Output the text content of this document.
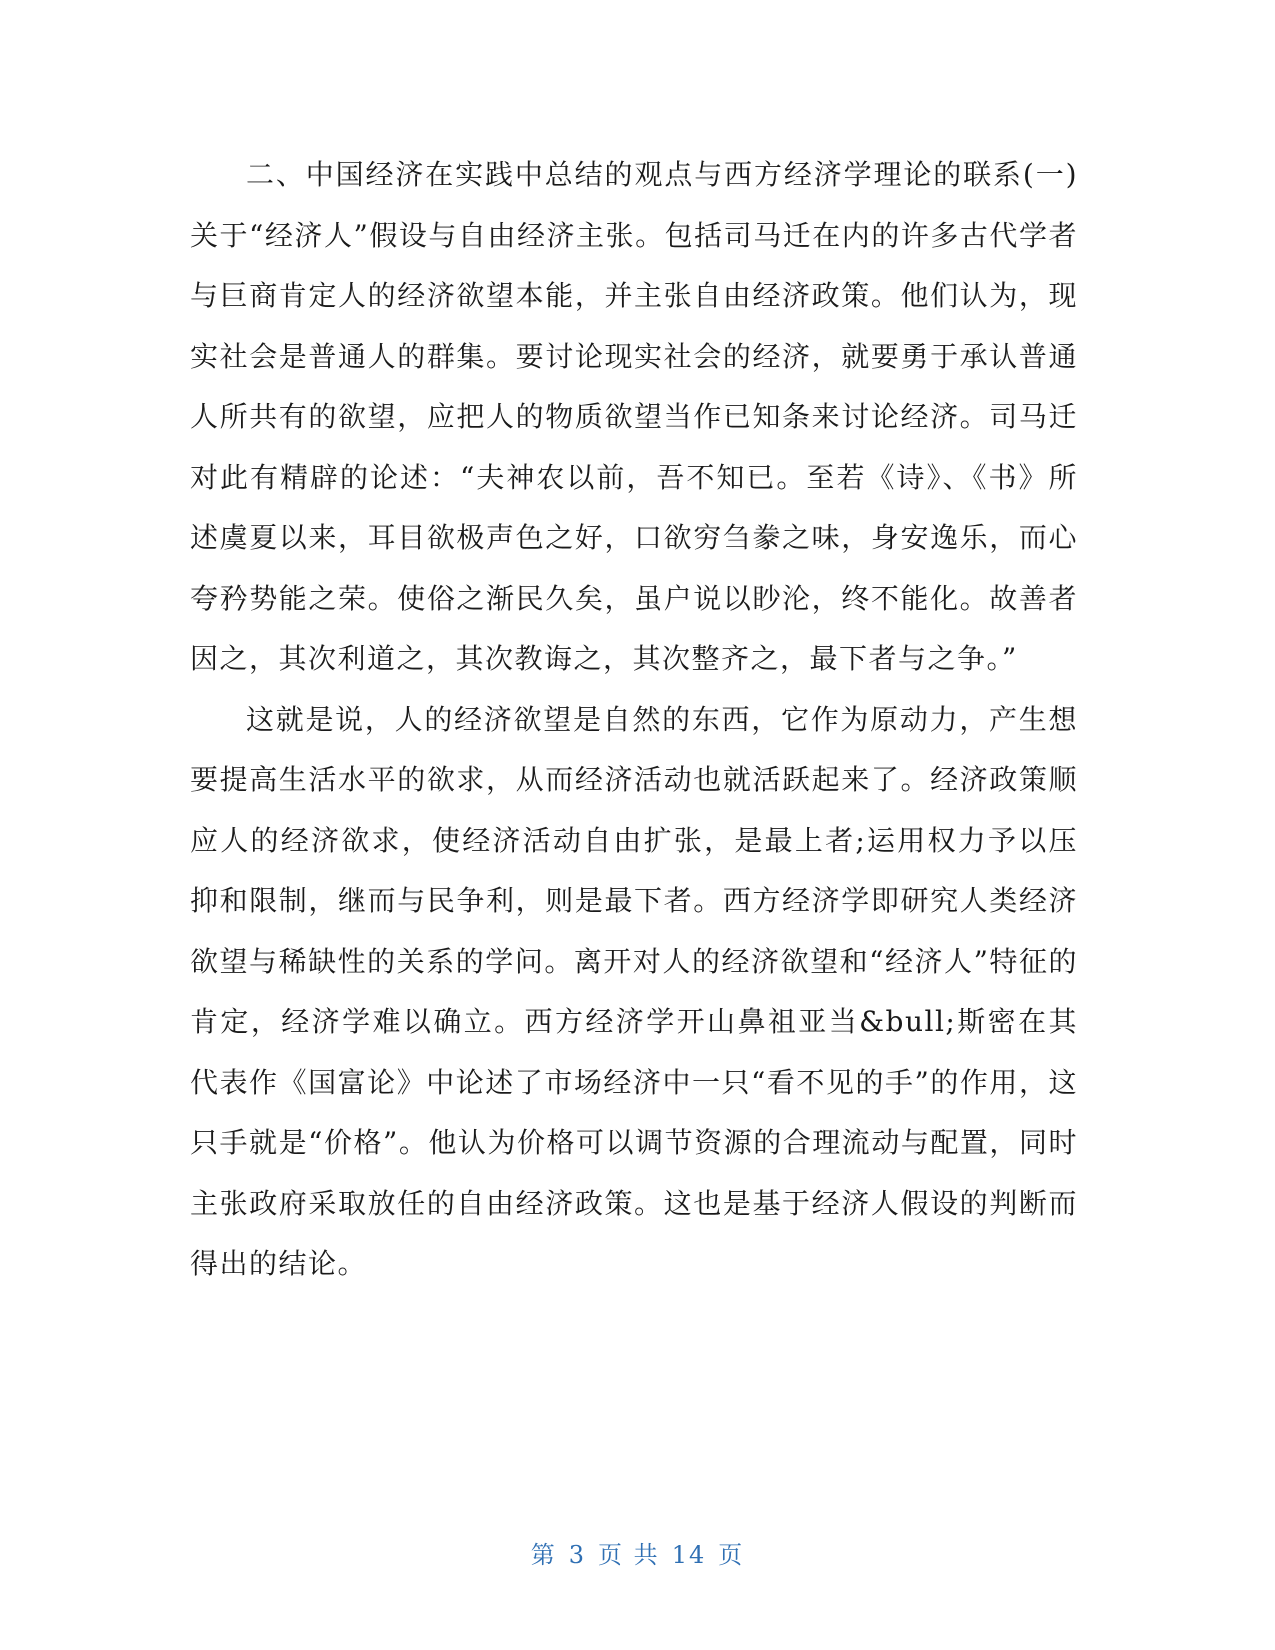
二、中国经济在实践中总结的观点与西方经济学理论的联系(一)关于“经济人”假设与自由经济主张。包括司马迁在内的许多古代学者与巨商肯定人的经济欲望本能，并主张自由经济政策。他们认为，现实社会是普通人的群集。要讨论现实社会的经济，就要勇于承认普通人所共有的欲望，应把人的物质欲望当作已知条来讨论经济。司马迁对此有精辟的论述：“夫神农以前，吾不知已。至若《诗》、《书》所述虞夏以来，耳目欲极声色之好，口欲穷刍豢之味，身安逸乐，而心夸矜势能之荣。使俗之渐民久矣，虽户说以眇沦，终不能化。故善者因之，其次利道之，其次教诲之，其次整齐之，最下者与之争。”

这就是说，人的经济欲望是自然的东西，它作为原动力，产生想要提高生活水平的欲求，从而经济活动也就活跃起来了。经济政策顺应人的经济欲求，使经济活动自由扩张，是最上者;运用权力予以压抑和限制，继而与民争利，则是最下者。西方经济学即研究人类经济欲望与稀缺性的关系的学问。离开对人的经济欲望和“经济人”特征的肯定，经济学难以确立。西方经济学开山鼻祖亚当&bull;斯密在其代表作《国富论》中论述了市场经济中一只“看不见的手”的作用，这只手就是“价格”。他认为价格可以调节资源的合理流动与配置，同时主张政府采取放任的自由经济政策。这也是基于经济人假设的判断而得出的结论。

第 3 页 共 14 页
